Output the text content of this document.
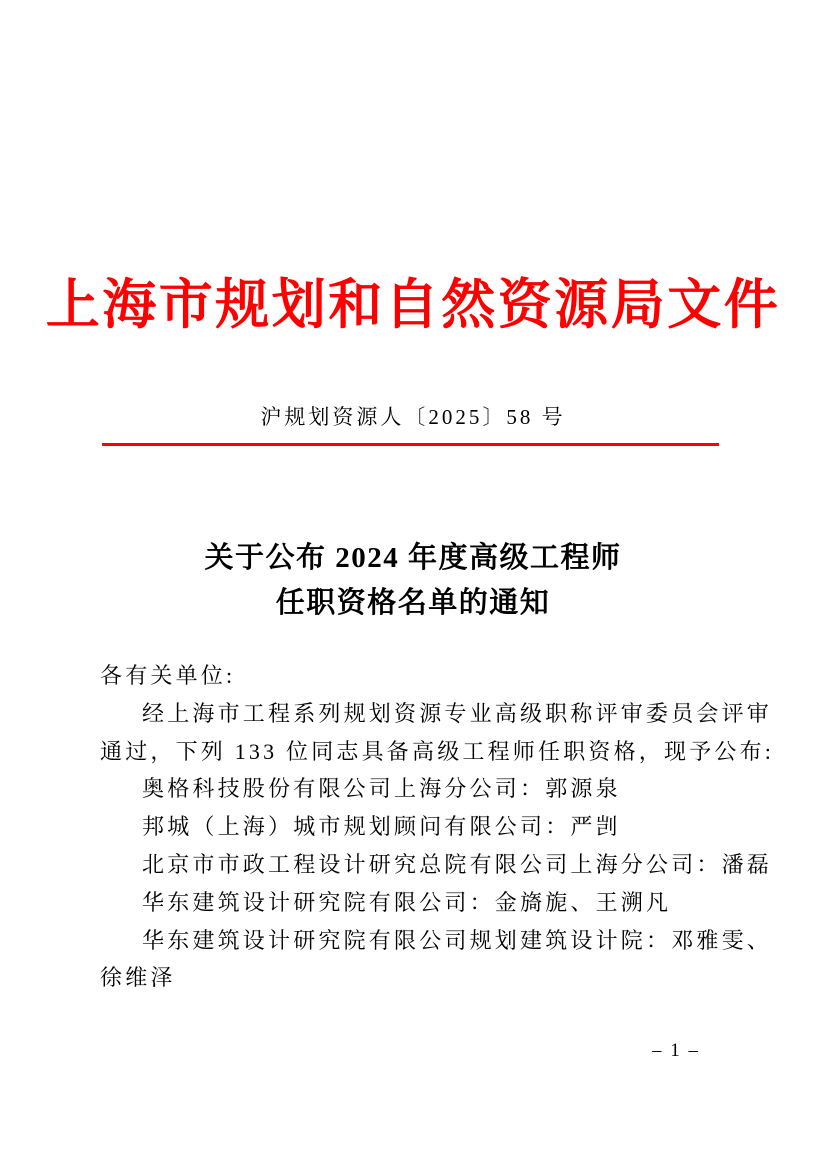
上海市规划和自然资源局文件
沪规划资源人〔2025〕58 号
关于公布 2024 年度高级工程师
任职资格名单的通知
各有关单位:
经上海市工程系列规划资源专业高级职称评审委员会评审
通过，下列 133 位同志具备高级工程师任职资格，现予公布:
奥格科技股份有限公司上海分公司：郭源泉
邦城（上海）城市规划顾问有限公司：严剀
北京市市政工程设计研究总院有限公司上海分公司：潘磊
华东建筑设计研究院有限公司：金旖旎、王溯凡
华东建筑设计研究院有限公司规划建筑设计院：邓雅雯、
徐维泽
– 1 –
